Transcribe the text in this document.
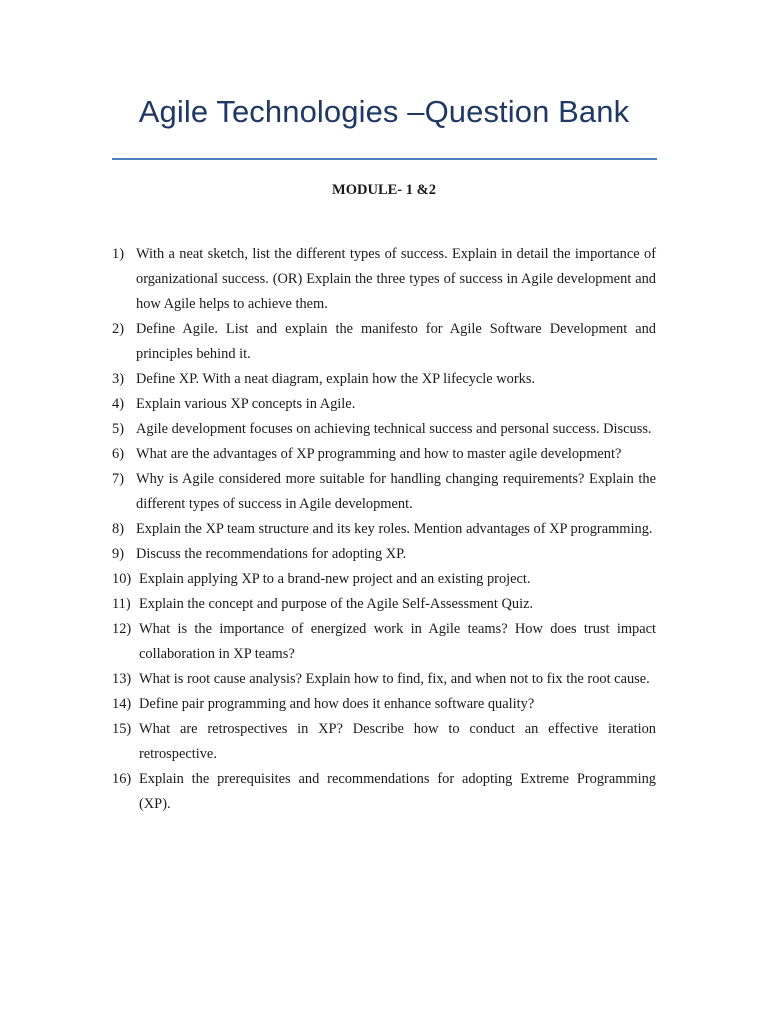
Agile Technologies –Question Bank
MODULE- 1 &2
1) With a neat sketch, list the different types of success. Explain in detail the importance of organizational success. (OR) Explain the three types of success in Agile development and how Agile helps to achieve them.
2) Define Agile. List and explain the manifesto for Agile Software Development and principles behind it.
3) Define XP. With a neat diagram, explain how the XP lifecycle works.
4) Explain various XP concepts in Agile.
5) Agile development focuses on achieving technical success and personal success. Discuss.
6) What are the advantages of XP programming and how to master agile development?
7) Why is Agile considered more suitable for handling changing requirements? Explain the different types of success in Agile development.
8) Explain the XP team structure and its key roles. Mention advantages of XP programming.
9) Discuss the recommendations for adopting XP.
10) Explain applying XP to a brand-new project and an existing project.
11) Explain the concept and purpose of the Agile Self-Assessment Quiz.
12) What is the importance of energized work in Agile teams? How does trust impact collaboration in XP teams?
13) What is root cause analysis? Explain how to find, fix, and when not to fix the root cause.
14) Define pair programming and how does it enhance software quality?
15) What are retrospectives in XP? Describe how to conduct an effective iteration retrospective.
16) Explain the prerequisites and recommendations for adopting Extreme Programming (XP).
